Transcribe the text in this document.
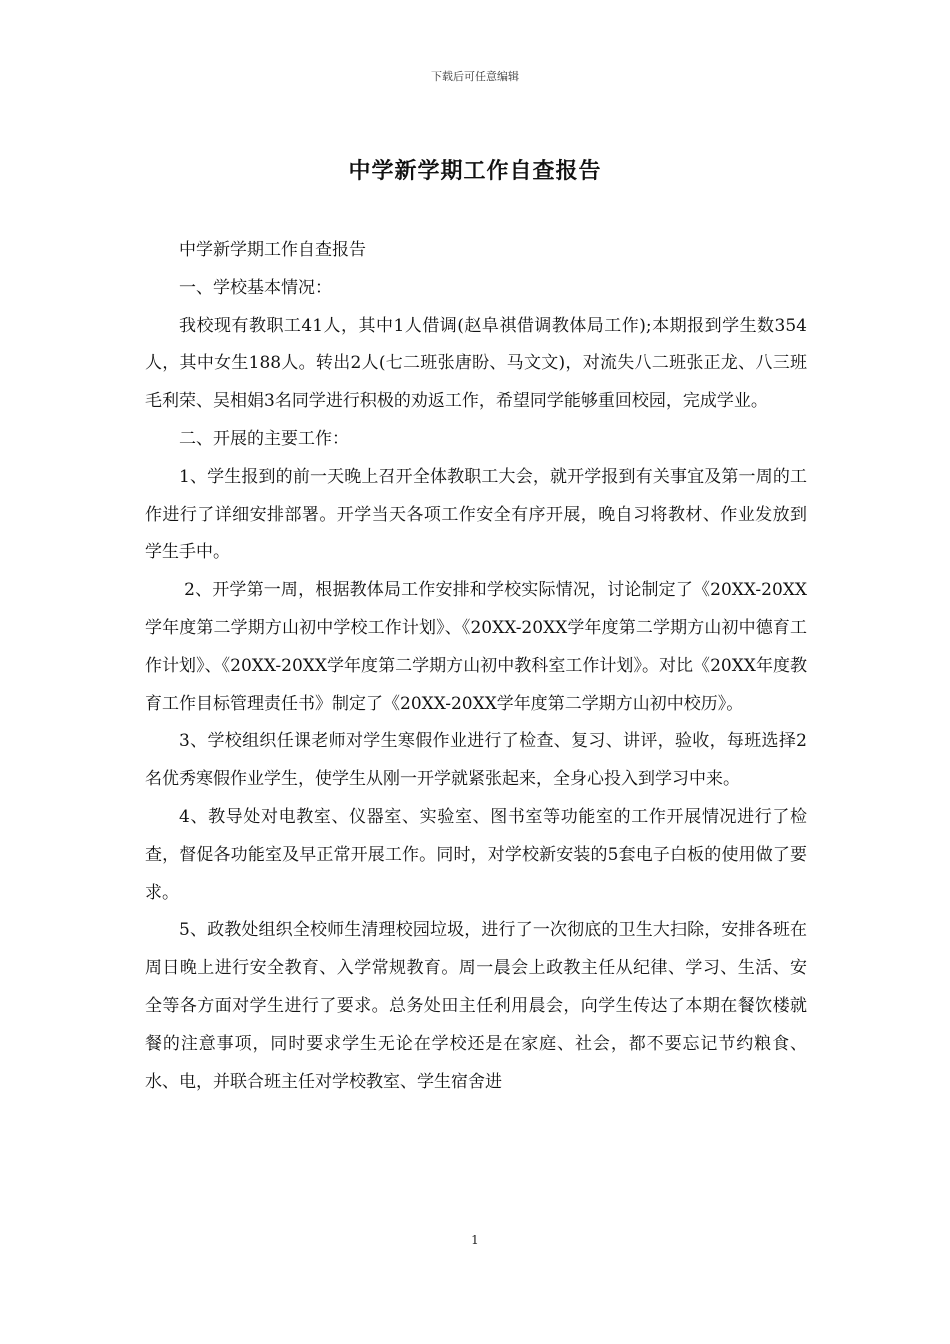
下载后可任意编辑
中学新学期工作自查报告

中学新学期工作自查报告

一、学校基本情况：

我校现有教职工41人，其中1人借调(赵阜祺借调教体局工作);本期报到学生数354人，其中女生188人。转出2人(七二班张唐盼、马文文)，对流失八二班张正龙、八三班毛利荣、吴相娟3名同学进行积极的劝返工作，希望同学能够重回校园，完成学业。

二、开展的主要工作：

1、学生报到的前一天晚上召开全体教职工大会，就开学报到有关事宜及第一周的工作进行了详细安排部署。开学当天各项工作安全有序开展，晚自习将教材、作业发放到学生手中。

2、开学第一周，根据教体局工作安排和学校实际情况，讨论制定了《20XX-20XX学年度第二学期方山初中学校工作计划》、《20XX-20XX学年度第二学期方山初中德育工作计划》、《20XX-20XX学年度第二学期方山初中教科室工作计划》。对比《20XX年度教育工作目标管理责任书》制定了《20XX-20XX学年度第二学期方山初中校历》。

3、学校组织任课老师对学生寒假作业进行了检查、复习、讲评，验收，每班选择2名优秀寒假作业学生，使学生从刚一开学就紧张起来，全身心投入到学习中来。

4、教导处对电教室、仪器室、实验室、图书室等功能室的工作开展情况进行了检查，督促各功能室及早正常开展工作。同时，对学校新安装的5套电子白板的使用做了要求。

5、政教处组织全校师生清理校园垃圾，进行了一次彻底的卫生大扫除，安排各班在周日晚上进行安全教育、入学常规教育。周一晨会上政教主任从纪律、学习、生活、安全等各方面对学生进行了要求。总务处田主任利用晨会，向学生传达了本期在餐饮楼就餐的注意事项，同时要求学生无论在学校还是在家庭、社会，都不要忘记节约粮食、水、电，并联合班主任对学校教室、学生宿舍进

1
